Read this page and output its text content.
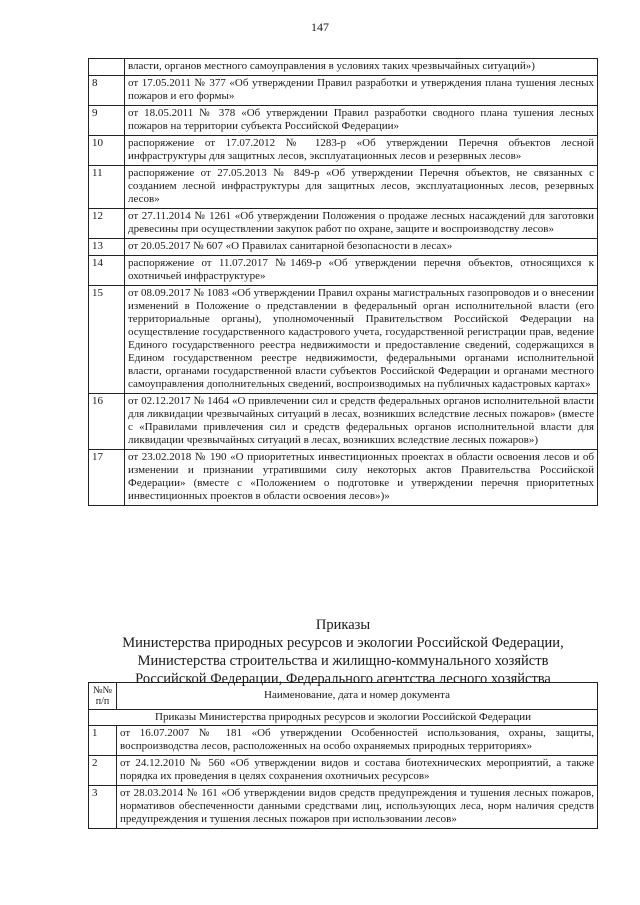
147
	власти, органов местного самоуправления в условиях таких чрезвычайных ситуаций»)
8	от 17.05.2011 № 377 «Об утверждении Правил разработки и утверждения плана тушения лесных пожаров и его формы»
9	от 18.05.2011 № 378 «Об утверждении Правил разработки сводного плана тушения лесных пожаров на территории субъекта Российской Федерации»
10	распоряжение от 17.07.2012 № 1283-р «Об утверждении Перечня объектов лесной инфраструктуры для защитных лесов, эксплуатационных лесов и резервных лесов»
11	распоряжение от 27.05.2013 № 849-р «Об утверждении Перечня объектов, не связанных с созданием лесной инфраструктуры для защитных лесов, эксплуатационных лесов, резервных лесов»
12	от 27.11.2014 № 1261 «Об утверждении Положения о продаже лесных насаждений для заготовки древесины при осуществлении закупок работ по охране, защите и воспроизводству лесов»
13	от 20.05.2017 № 607 «О Правилах санитарной безопасности в лесах»
14	распоряжение от 11.07.2017 №1469-р «Об утверждении перечня объектов, относящихся к охотничьей инфраструктуре»
15	от 08.09.2017 № 1083 «Об утверждении Правил охраны магистральных газопроводов и о внесении изменений в Положение о представлении в федеральный орган исполнительной власти (его территориальные органы), уполномоченный Правительством Российской Федерации на осуществление государственного кадастрового учета, государственной регистрации прав, ведение Единого государственного реестра недвижимости и предоставление сведений, содержащихся в Едином государственном реестре недвижимости, федеральными органами исполнительной власти, органами государственной власти субъектов Российской Федерации и органами местного самоуправления дополнительных сведений, воспроизводимых на публичных кадастровых картах»
16	от 02.12.2017 № 1464 «О привлечении сил и средств федеральных органов исполнительной власти для ликвидации чрезвычайных ситуаций в лесах, возникших вследствие лесных пожаров» (вместе с «Правилами привлечения сил и средств федеральных органов исполнительной власти для ликвидации чрезвычайных ситуаций в лесах, возникших вследствие лесных пожаров»)
17	от 23.02.2018 № 190 «О приоритетных инвестиционных проектах в области освоения лесов и об изменении и признании утратившими силу некоторых актов Правительства Российской Федерации» (вместе с «Положением о подготовке и утверждении перечня приоритетных инвестиционных проектов в области освоения лесов»)»
Приказы
Министерства природных ресурсов и экологии Российской Федерации,
Министерства строительства и жилищно-коммунального хозяйств
Российской Федерации, Федерального агентства лесного хозяйства
№№ п/п	Наименование, дата и номер документа
Приказы Министерства природных ресурсов и экологии Российской Федерации	
1	от 16.07.2007 № 181 «Об утверждении Особенностей использования, охраны, защиты, воспроизводства лесов, расположенных на особо охраняемых природных территориях»
2	от 24.12.2010 № 560 «Об утверждении видов и состава биотехнических мероприятий, а также порядка их проведения в целях сохранения охотничьих ресурсов»
3	от 28.03.2014 № 161 «Об утверждении видов средств предупреждения и тушения лесных пожаров, нормативов обеспеченности данными средствами лиц, использующих леса, норм наличия средств предупреждения и тушения лесных пожаров при использовании лесов»
